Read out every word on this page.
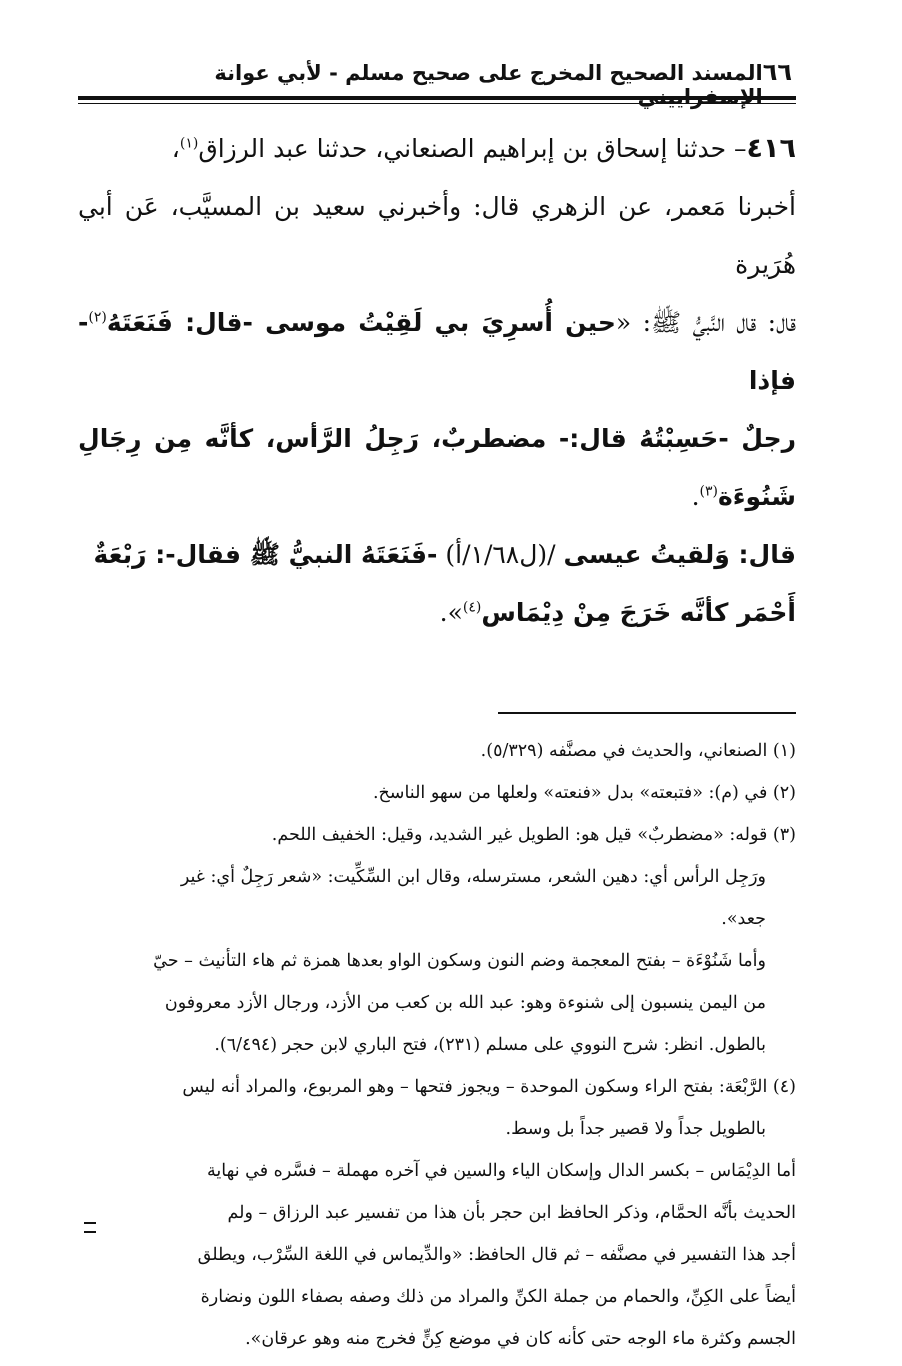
٦٦
المسند الصحيح المخرج على صحيح مسلم - لأبي عوانة الإسفراييني

٤١٦– حدثنا إسحاق بن إبراهيم الصنعاني، حدثنا عبد الرزاق$^{(١)}$،

أخبرنا مَعمر، عن الزهري قال: وأخبرني سعيد بن المسيَّب، عَن أبي هُرَيرة

قال: قال النَّبيُّ ﷺ: «حين أُسرِيَ بي لَقِيْتُ موسى -قال: فَنَعَتَهُ$^{(٢)}$- فإذا

رجلٌ -حَسِبْتُهُ قال:- مضطربٌ، رَجِلُ الرَّأس، كأنَّه مِن رِجَالِ شَنُوءَة$^{(٣)}$.

قال: وَلقيتُ عيسى /(ل١/٦٨/أ) -فَنَعَتَهُ النبيُّ ﷺ فقال-: رَبْعَةٌ

أَحْمَر كأنَّه خَرَجَ مِنْ دِيْمَاس$^{(٤)}$».

(١) الصنعاني، والحديث في مصنَّفه (٥/٣٢٩).

(٢) في (م): «فتبعته» بدل «فنعته» ولعلها من سهو الناسخ.

(٣) قوله: «مضطربٌ» قيل هو: الطويل غير الشديد، وقيل: الخفيف اللحم.

ورَجِل الرأس أي: دهين الشعر، مسترسله، وقال ابن السِّكِّيت: «شعر رَجِلٌ أي: غير

جعد».

وأما شَنُوْءَة – بفتح المعجمة وضم النون وسكون الواو بعدها همزة ثم هاء التأنيث – حيّ

من اليمن ينسبون إلى شنوءة وهو: عبد الله بن كعب من الأزد، ورجال الأزد معروفون

بالطول. انظر: شرح النووي على مسلم (٢٣١)، فتح الباري لابن حجر (٦/٤٩٤).

(٤) الرَّبْعَة: بفتح الراء وسكون الموحدة – ويجوز فتحها – وهو المربوع، والمراد أنه ليس

بالطويل جداً ولا قصير جداً بل وسط.

أما الدِيْمَاس – بكسر الدال وإسكان الياء والسين في آخره مهملة – فسَّره في نهاية

الحديث بأنَّه الحمَّام، وذكر الحافظ ابن حجر بأن هذا من تفسير عبد الرزاق – ولم

أجد هذا التفسير في مصنَّفه – ثم قال الحافظ: «والدِّيماس في اللغة السِّرْب، ويطلق

أيضاً على الكِنِّ، والحمام من جملة الكنِّ والمراد من ذلك وصفه بصفاء اللون ونضارة

الجسم وكثرة ماء الوجه حتى كأنه كان في موضع كِنٍّ فخرج منه وهو عرقان».
